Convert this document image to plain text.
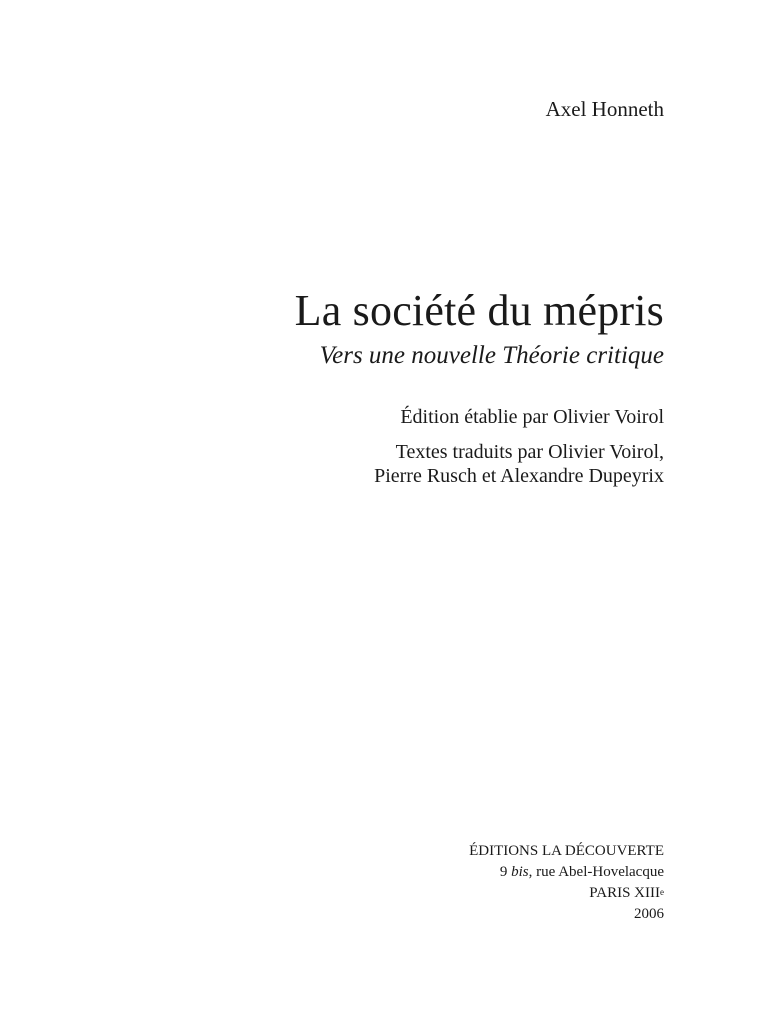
Axel Honneth
La société du mépris
Vers une nouvelle Théorie critique
Édition établie par Olivier Voirol
Textes traduits par Olivier Voirol,
Pierre Rusch et Alexandre Dupeyrix
ÉDITIONS LA DÉCOUVERTE
9 bis, rue Abel-Hovelacque
PARIS XIIIe
2006
